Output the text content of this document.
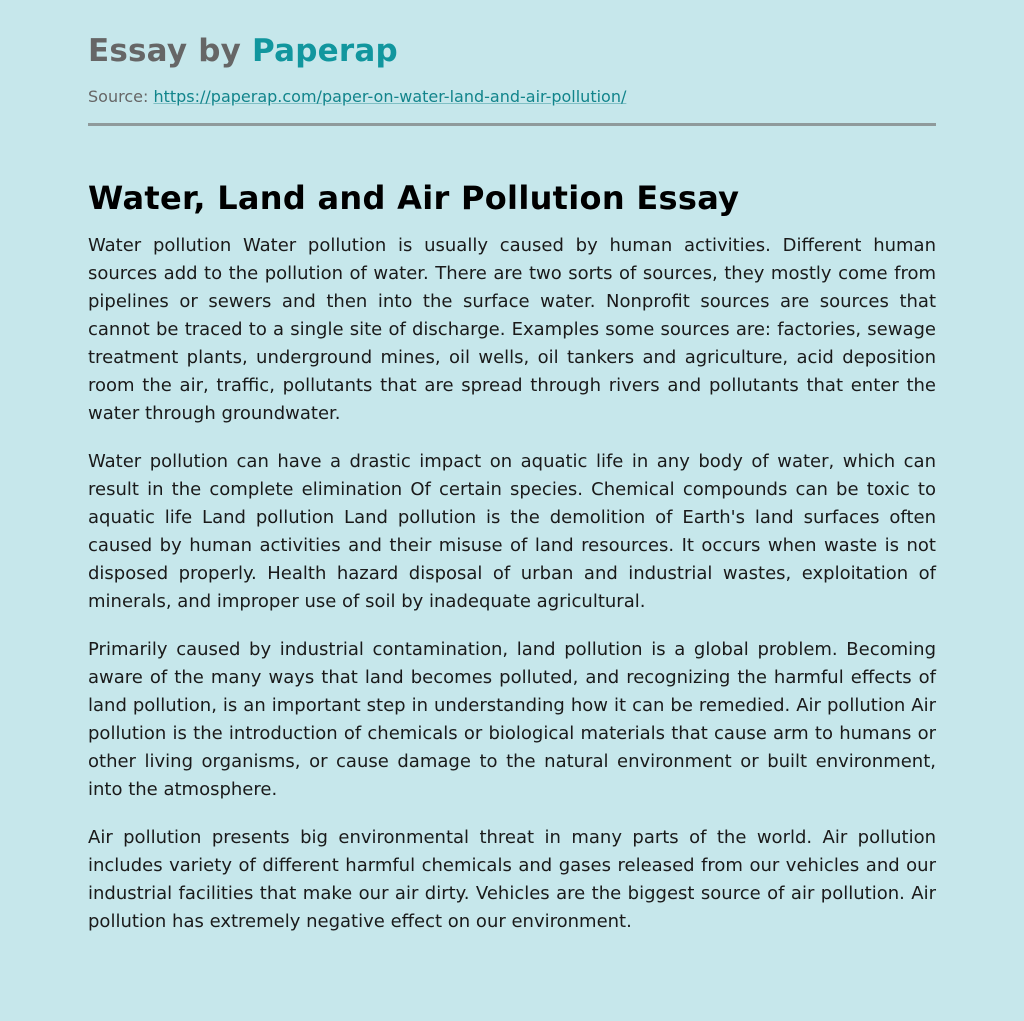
Essay by Paperap
Source: https://paperap.com/paper-on-water-land-and-air-pollution/
Water, Land and Air Pollution Essay

Water pollution Water pollution is usually caused by human activities. Different human sources add to the pollution of water. There are two sorts of sources, they mostly come from pipelines or sewers and then into the surface water. Nonprofit sources are sources that cannot be traced to a single site of discharge. Examples some sources are: factories, sewage treatment plants, underground mines, oil wells, oil tankers and agriculture, acid deposition room the air, traffic, pollutants that are spread through rivers and pollutants that enter the water through groundwater.

Water pollution can have a drastic impact on aquatic life in any body of water, which can result in the complete elimination Of certain species. Chemical compounds can be toxic to aquatic life Land pollution Land pollution is the demolition of Earth's land surfaces often caused by human activities and their misuse of land resources. It occurs when waste is not disposed properly. Health hazard disposal of urban and industrial wastes, exploitation of minerals, and improper use of soil by inadequate agricultural.

Primarily caused by industrial contamination, land pollution is a global problem. Becoming aware of the many ways that land becomes polluted, and recognizing the harmful effects of land pollution, is an important step in understanding how it can be remedied. Air pollution Air pollution is the introduction of chemicals or biological materials that cause arm to humans or other living organisms, or cause damage to the natural environment or built environment, into the atmosphere.

Air pollution presents big environmental threat in many parts of the world. Air pollution includes variety of different harmful chemicals and gases released from our vehicles and our industrial facilities that make our air dirty. Vehicles are the biggest source of air pollution. Air pollution has extremely negative effect on our environment.
